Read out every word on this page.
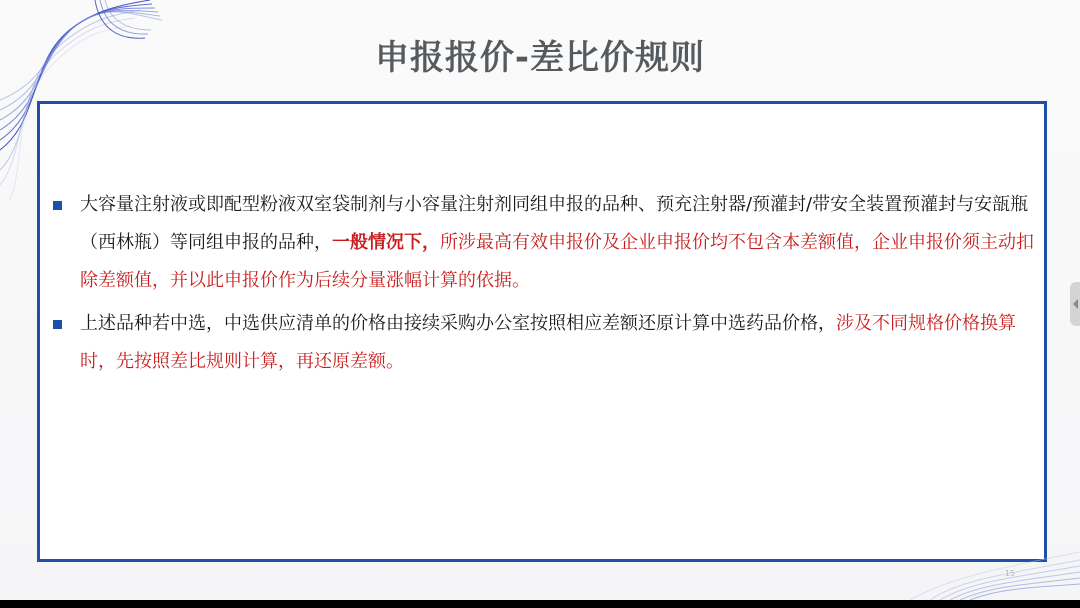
申报报价-差比价规则
大容量注射液或即配型粉液双室袋制剂与小容量注射剂同组申报的品种、预充注射器/预灌封/带安全装置预灌封与安瓿瓶（西林瓶）等同组申报的品种，一般情况下，所涉最高有效申报价及企业申报价均不包含本差额值，企业申报价须主动扣除差额值，并以此申报价作为后续分量涨幅计算的依据。
上述品种若中选，中选供应清单的价格由接续采购办公室按照相应差额还原计算中选药品价格，涉及不同规格价格换算时，先按照差比规则计算，再还原差额。
15
